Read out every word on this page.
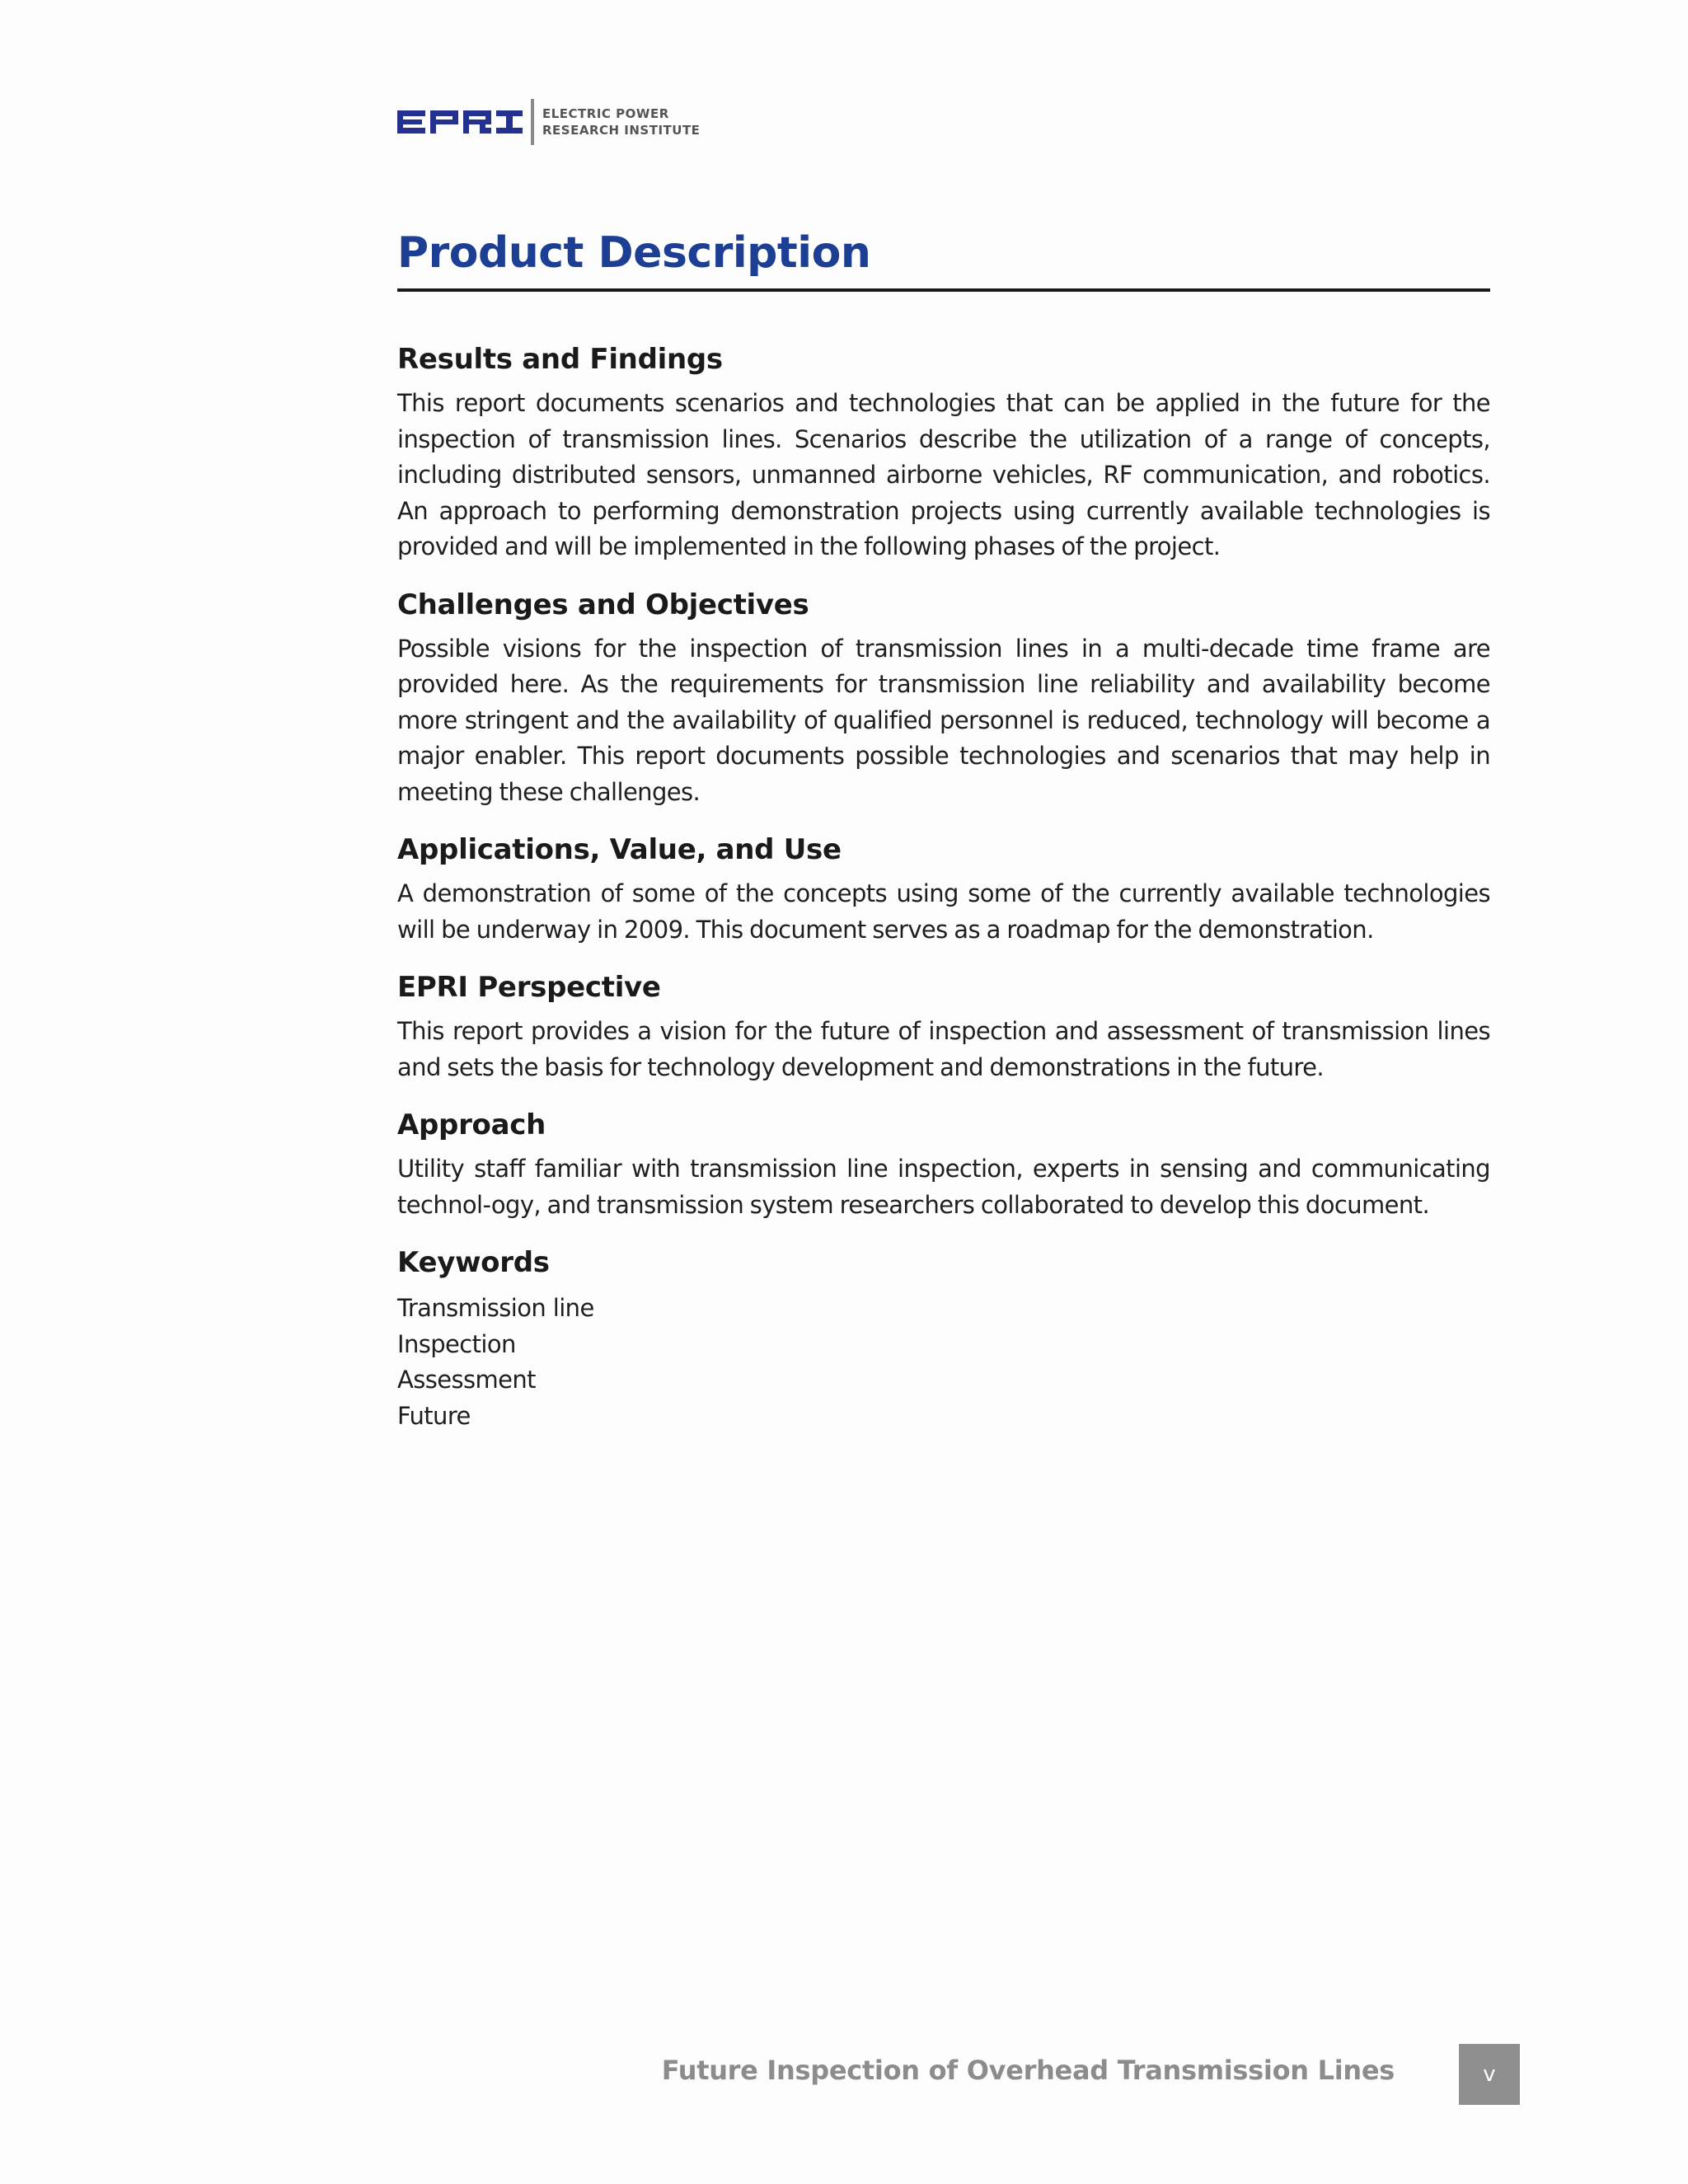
ELECTRIC POWER
RESEARCH INSTITUTE
Product Description
Results and Findings

This report documents scenarios and technologies that can be applied in the future for the inspection of transmission lines. Scenarios describe the utilization of a range of concepts, including distributed sensors, unmanned airborne vehicles, RF communication, and robotics. An approach to performing demonstration projects using currently available technologies is provided and will be implemented in the following phases of the project.

Challenges and Objectives

Possible visions for the inspection of transmission lines in a multi-decade time frame are provided here. As the requirements for transmission line reliability and availability become more stringent and the availability of qualified personnel is reduced, technology will become a major enabler. This report documents possible technologies and scenarios that may help in meeting these challenges.

Applications, Value, and Use

A demonstration of some of the concepts using some of the currently available technologies will be underway in 2009. This document serves as a roadmap for the demonstration.

EPRI Perspective

This report provides a vision for the future of inspection and assessment of transmission lines and sets the basis for technology development and demonstrations in the future.

Approach

Utility staff familiar with transmission line inspection, experts in sensing and communicating technol-ogy, and transmission system researchers collaborated to develop this document.

Keywords
Transmission line
Inspection
Assessment
Future
Future Inspection of Overhead Transmission Lines	v
